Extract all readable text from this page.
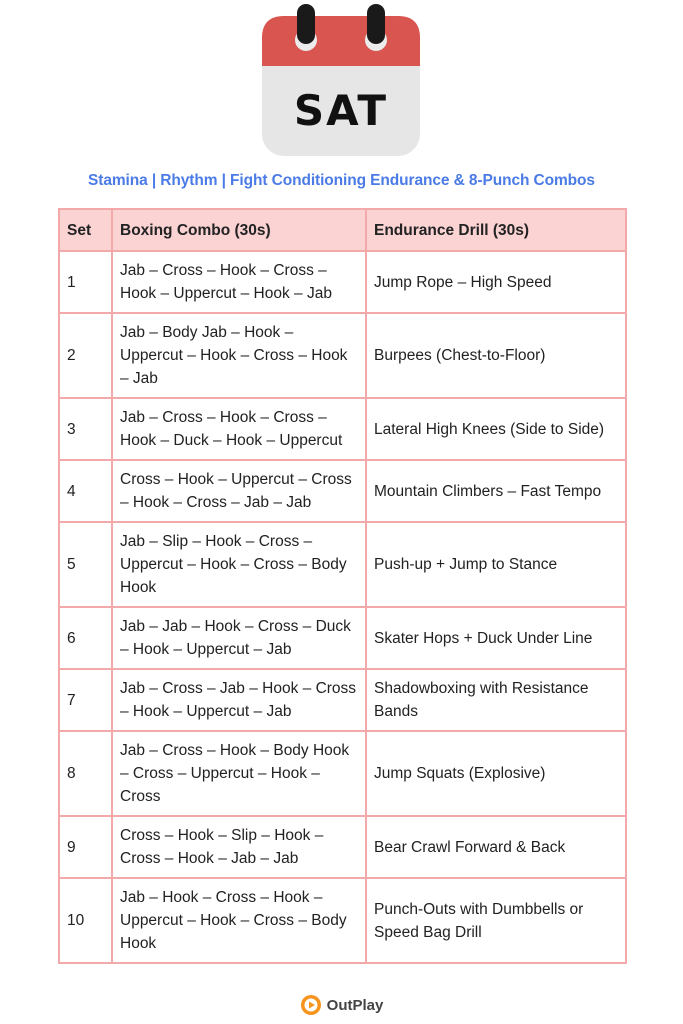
SAT
Stamina | Rhythm | Fight Conditioning Endurance & 8-Punch Combos
Set	Boxing Combo (30s)	Endurance Drill (30s)
1	Jab – Cross – Hook – Cross – Hook – Uppercut – Hook – Jab	Jump Rope – High Speed
2	Jab – Body Jab – Hook – Uppercut – Hook – Cross – Hook – Jab	Burpees (Chest-to-Floor)
3	Jab – Cross – Hook – Cross – Hook – Duck – Hook – Uppercut	Lateral High Knees (Side to Side)
4	Cross – Hook – Uppercut – Cross – Hook – Cross – Jab – Jab	Mountain Climbers – Fast Tempo
5	Jab – Slip – Hook – Cross – Uppercut – Hook – Cross – Body Hook	Push-up + Jump to Stance
6	Jab – Jab – Hook – Cross – Duck – Hook – Uppercut – Jab	Skater Hops + Duck Under Line
7	Jab – Cross – Jab – Hook – Cross – Hook – Uppercut – Jab	Shadowboxing with Resistance Bands
8	Jab – Cross – Hook – Body Hook – Cross – Uppercut – Hook – Cross	Jump Squats (Explosive)
9	Cross – Hook – Slip – Hook – Cross – Hook – Jab – Jab	Bear Crawl Forward & Back
10	Jab – Hook – Cross – Hook – Uppercut – Hook – Cross – Body Hook	Punch-Outs with Dumbbells or Speed Bag Drill
OutPlay
